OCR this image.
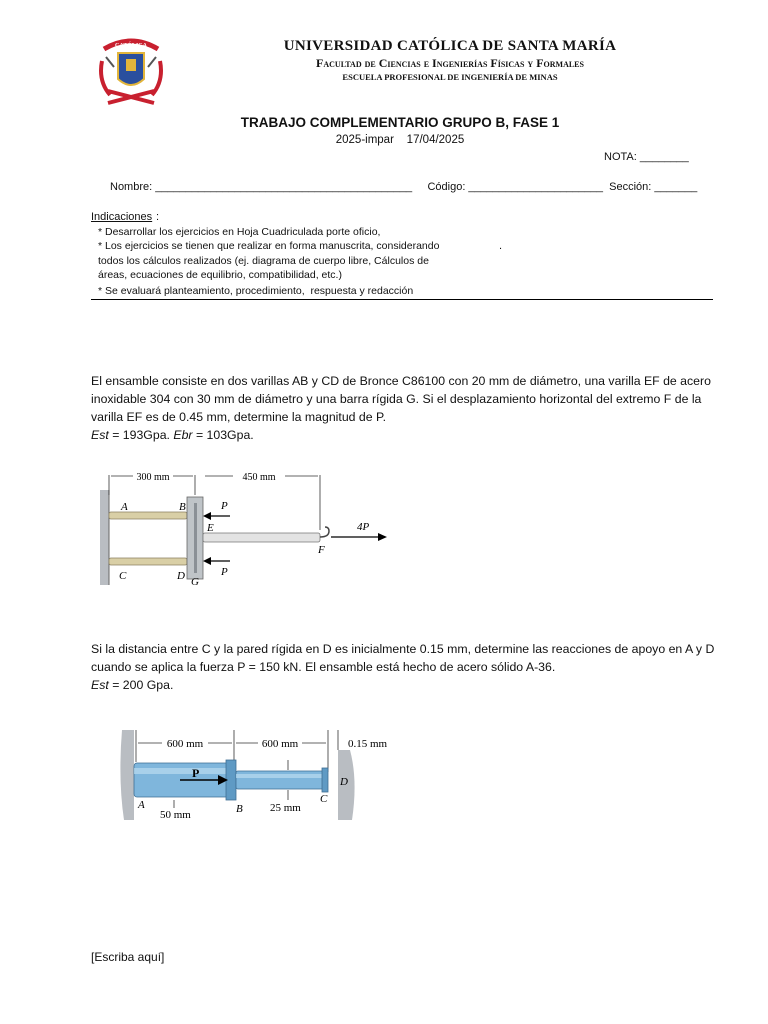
CATÓLICA	UNIVERSIDAD CATÓLICA DE SANTA MARÍA
Facultad de Ciencias e Ingenierías Físicas y Formales
ESCUELA PROFESIONAL DE INGENIERÍA DE MINAS
TRABAJO COMPLEMENTARIO GRUPO B, FASE 1
2025-impar    17/04/2025
NOTA: ________
Nombre: __________________________________________     Código: ______________________  Sección: _______
Indicaciones :
* Desarrollar los ejercicios en Hoja Cuadriculada porte oficio,
* Los ejercicios se tienen que realizar en forma manuscrita, considerando	.
todos los cálculos realizados (ej. diagrama de cuerpo libre, Cálculos de
áreas, ecuaciones de equilibrio, compatibilidad, etc.)
* Se evaluará planteamiento, procedimiento,  respuesta y redacción
El ensamble consiste en dos varillas AB y CD de Bronce C86100 con 20 mm de diámetro, una varilla EF de acero inoxidable 304 con 30 mm de diámetro y una barra rígida G. Si el desplazamiento horizontal del extremo F de la varilla EF es de 0.45 mm, determine la magnitud de P.
Est = 193Gpa. Ebr = 103Gpa.
300 mm	450 mm
4P
P
P
A	B
C	D
E
F
G
Si la distancia entre C y la pared rígida en D es inicialmente 0.15 mm, determine las reacciones de apoyo en A y D cuando se aplica la fuerza P = 150 kN. El ensamble está hecho de acero sólido A-36.
Est = 200 Gpa.
600 mm	600 mm	0.15 mm
P
50 mm
25 mm
A	B
C
D
[Escriba aquí]
